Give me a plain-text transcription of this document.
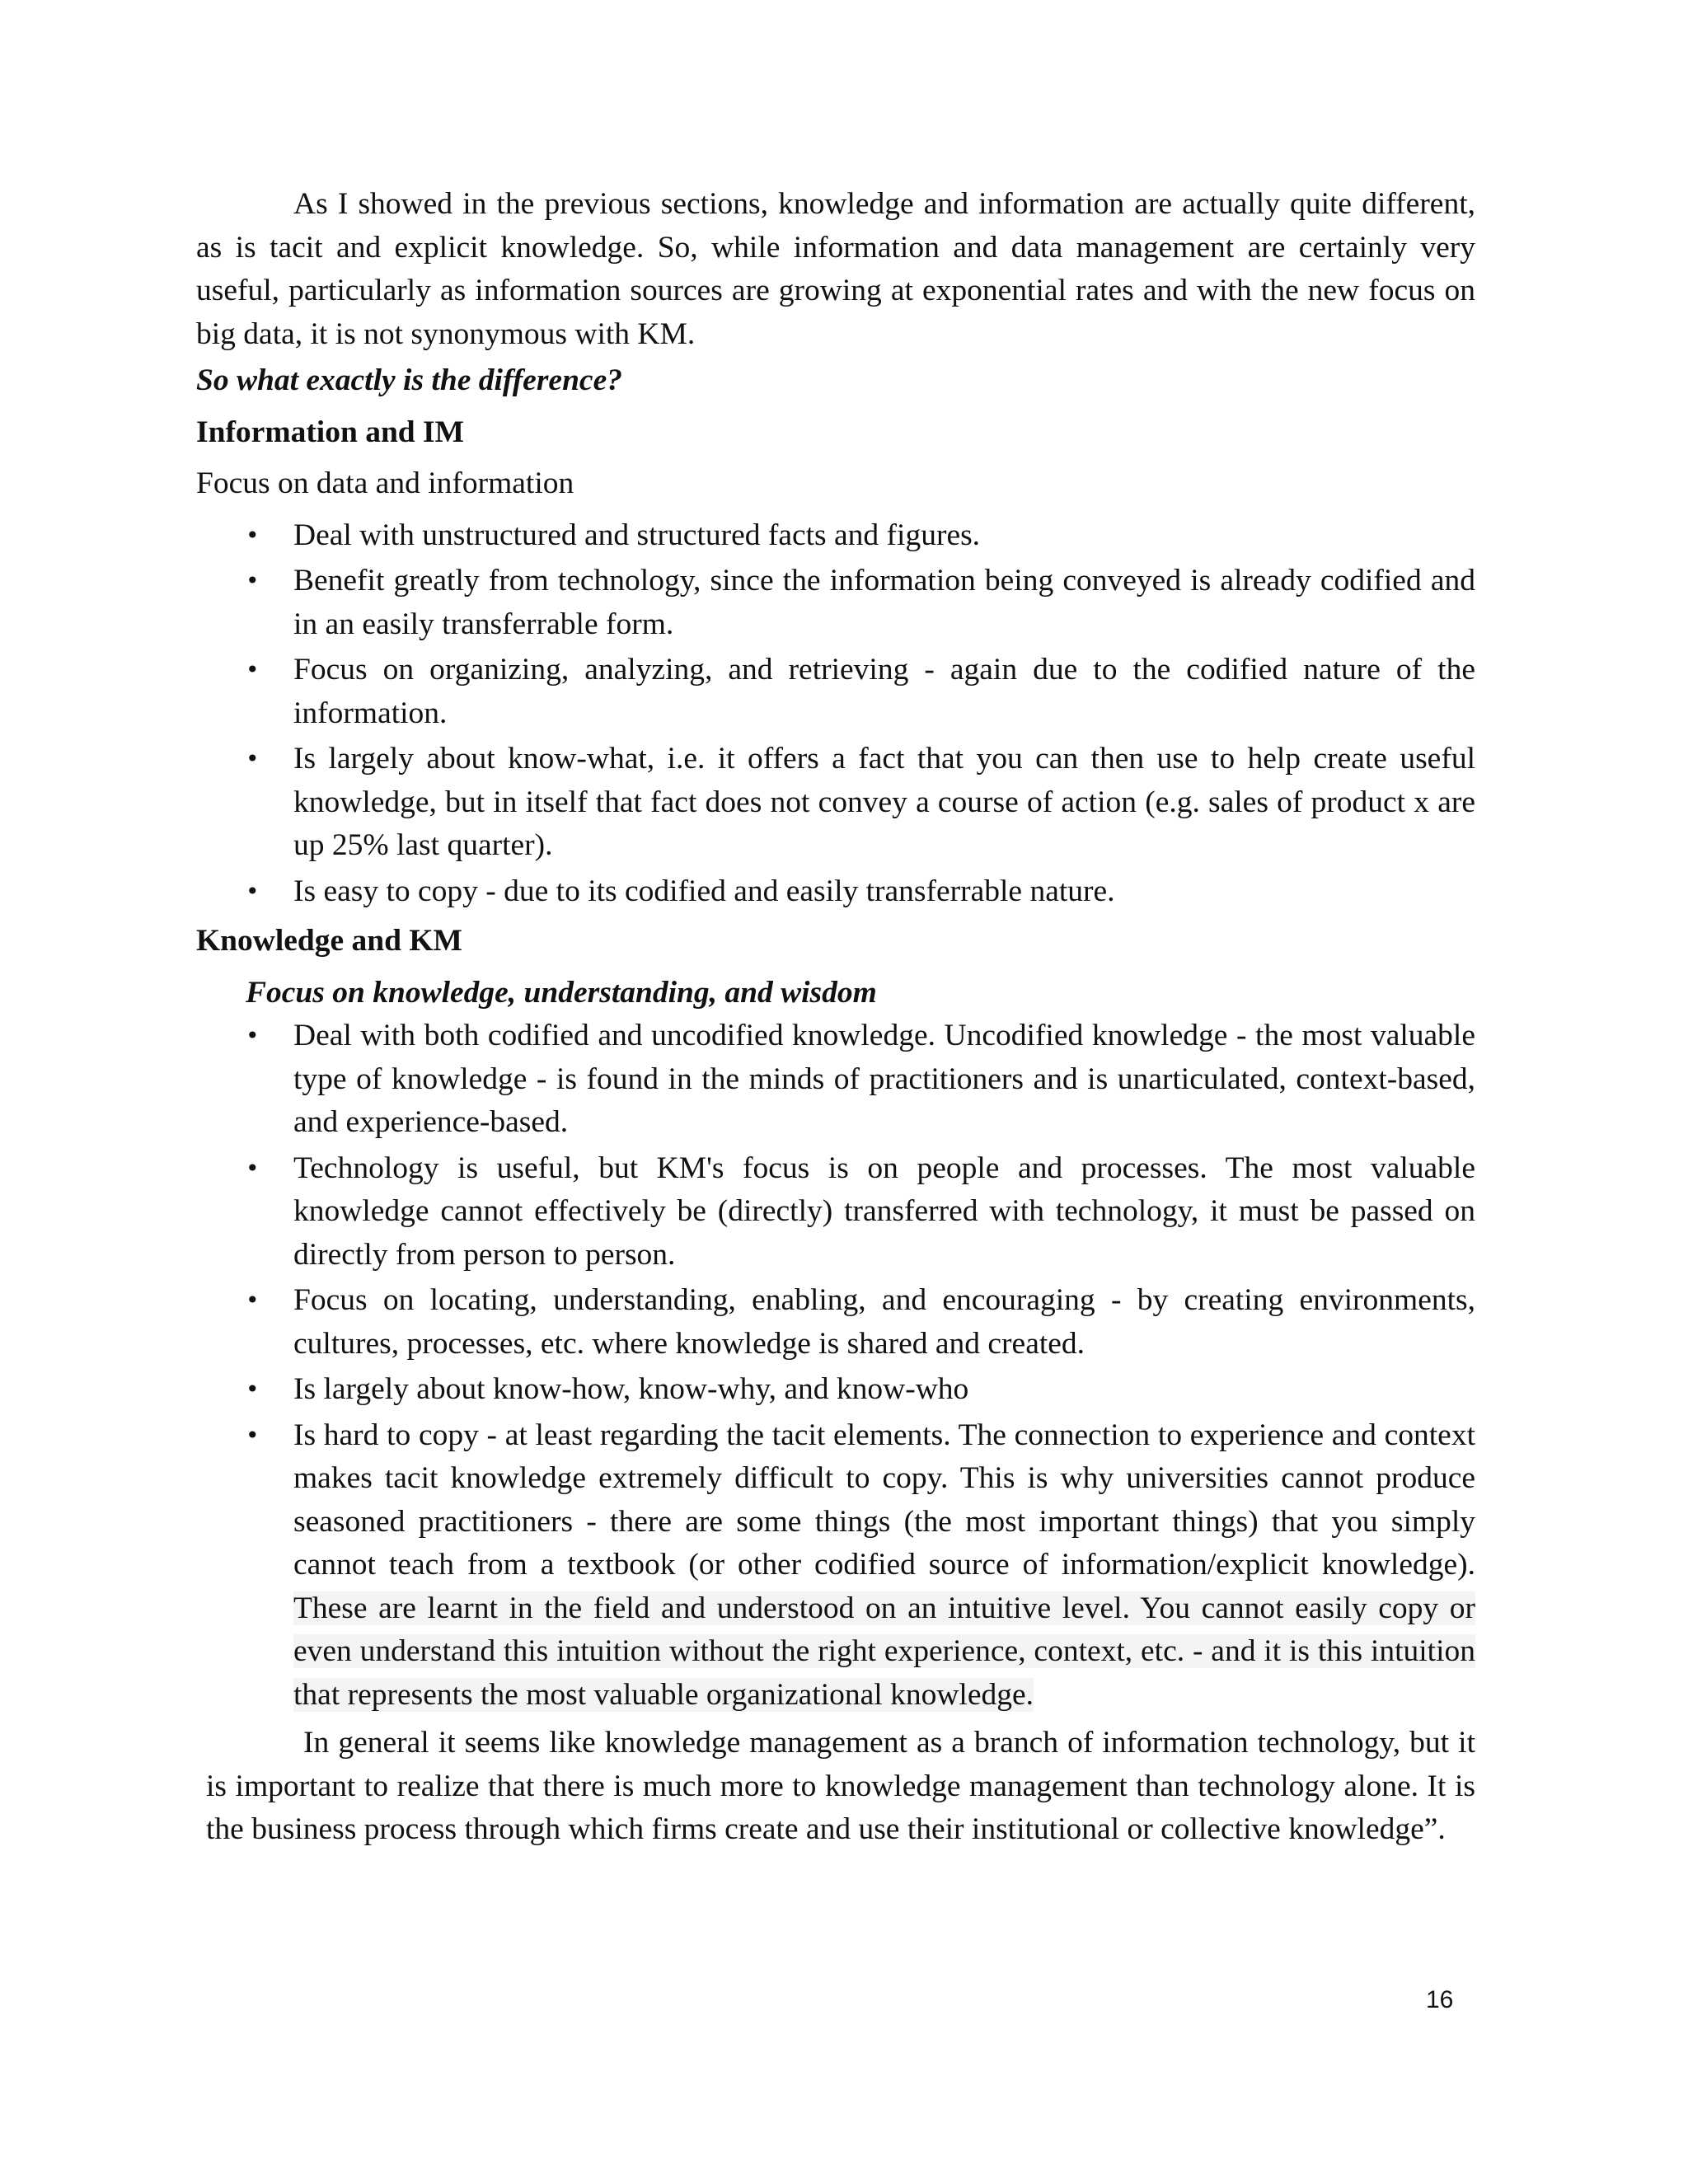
As I showed in the previous sections, knowledge and information are actually quite different, as is tacit and explicit knowledge. So, while information and data management are certainly very useful, particularly as information sources are growing at exponential rates and with the new focus on big data, it is not synonymous with KM.

So what exactly is the difference?

Information and IM

Focus on data and information

• Deal with unstructured and structured facts and figures.
• Benefit greatly from technology, since the information being conveyed is already codified and in an easily transferrable form.
• Focus on organizing, analyzing, and retrieving - again due to the codified nature of the information.
• Is largely about know-what, i.e. it offers a fact that you can then use to help create useful knowledge, but in itself that fact does not convey a course of action (e.g. sales of product x are up 25% last quarter).
• Is easy to copy - due to its codified and easily transferrable nature.

Knowledge and KM

Focus on knowledge, understanding, and wisdom

• Deal with both codified and uncodified knowledge. Uncodified knowledge - the most valuable type of knowledge - is found in the minds of practitioners and is unarticulated, context-based, and experience-based.
• Technology is useful, but KM's focus is on people and processes. The most valuable knowledge cannot effectively be (directly) transferred with technology, it must be passed on directly from person to person.
• Focus on locating, understanding, enabling, and encouraging - by creating environments, cultures, processes, etc. where knowledge is shared and created.
• Is largely about know-how, know-why, and know-who
• Is hard to copy - at least regarding the tacit elements. The connection to experience and context makes tacit knowledge extremely difficult to copy. This is why universities cannot produce seasoned practitioners - there are some things (the most important things) that you simply cannot teach from a textbook (or other codified source of information/explicit knowledge). These are learnt in the field and understood on an intuitive level. You cannot easily copy or even understand this intuition without the right experience, context, etc. - and it is this intuition that represents the most valuable organizational knowledge.

In general it seems like knowledge management as a branch of information technology, but it is important to realize that there is much more to knowledge management than technology alone. It is the business process through which firms create and use their institutional or collective knowledge”.

16
